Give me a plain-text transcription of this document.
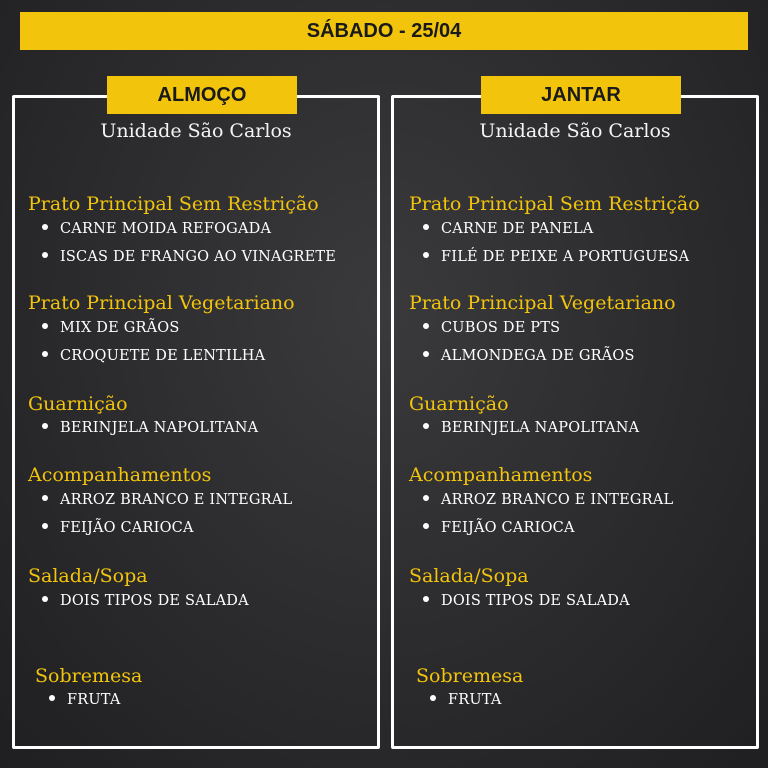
SÁBADO - 25/04
ALMOÇO	JANTAR
Unidade São Carlos	Unidade São Carlos
Prato Principal Sem Restrição
CARNE MOIDA REFOGADA
ISCAS DE FRANGO AO VINAGRETE
Prato Principal Vegetariano
MIX DE GRÃOS
CROQUETE DE LENTILHA
Guarnição
BERINJELA NAPOLITANA
Acompanhamentos
ARROZ BRANCO E INTEGRAL
FEIJÃO CARIOCA
Salada/Sopa
DOIS TIPOS DE SALADA
Sobremesa
FRUTA
Prato Principal Sem Restrição
CARNE DE PANELA
FILÉ DE PEIXE A PORTUGUESA
Prato Principal Vegetariano
CUBOS DE PTS
ALMONDEGA DE GRÃOS
Guarnição
BERINJELA NAPOLITANA
Acompanhamentos
ARROZ BRANCO E INTEGRAL
FEIJÃO CARIOCA
Salada/Sopa
DOIS TIPOS DE SALADA
Sobremesa
FRUTA
